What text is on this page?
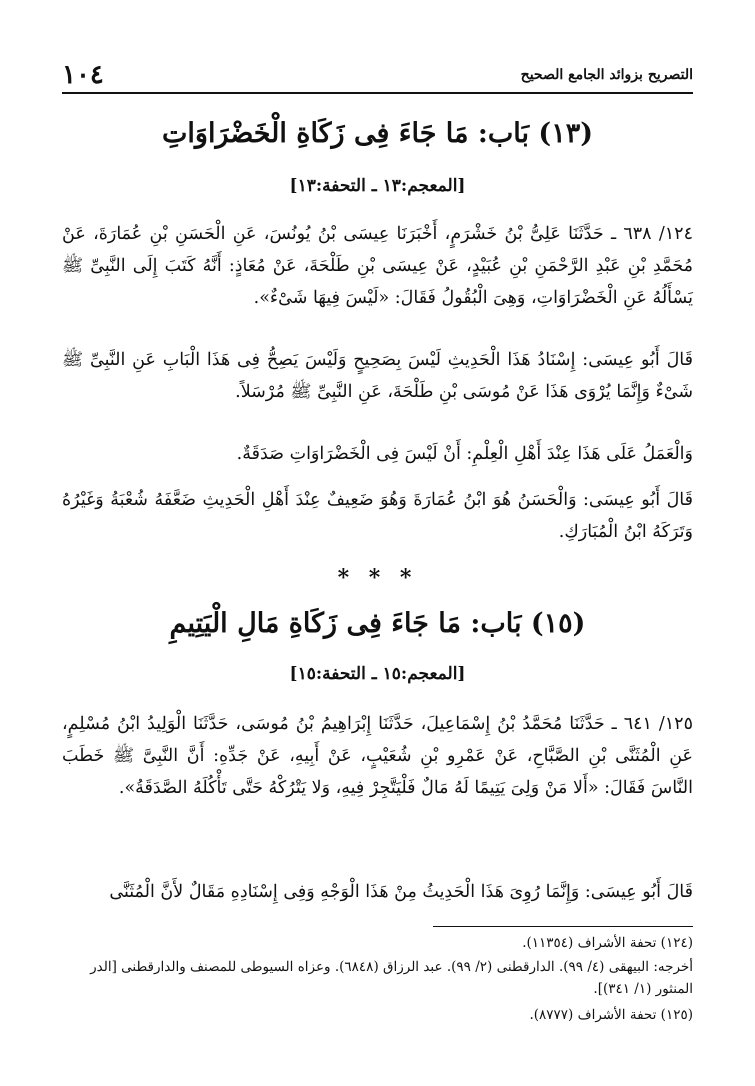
١٠٤	التصريح بزوائد الجامع الصحيح
(١٣) بَاب: مَا جَاءَ فِى زَكَاةِ الْخَضْرَاوَاتِ
[المعجم:١٣ ـ التحفة:١٣]
١٢٤/ ٦٣٨ ـ حَدَّثَنَا عَلِىُّ بْنُ خَشْرَمٍ، أَخْبَرَنَا عِيسَى بْنُ يُونُسَ، عَنِ الْحَسَنِ بْنِ عُمَارَةَ، عَنْ مُحَمَّدِ بْنِ عَبْدِ الرَّحْمَنِ بْنِ عُبَيْدٍ، عَنْ عِيسَى بْنِ طَلْحَةَ، عَنْ مُعَاذٍ: أَنَّهُ كَتَبَ إِلَى النَّبِىِّ ﷺ يَسْأَلُهُ عَنِ الْخَضْرَاوَاتِ، وَهِىَ الْبُقُولُ فَقَالَ: «لَيْسَ فِيهَا شَىْءٌ».
قَالَ أَبُو عِيسَى: إِسْنَادُ هَذَا الْحَدِيثِ لَيْسَ بِصَحِيحٍ وَلَيْسَ يَصِحُّ فِى هَذَا الْبَابِ عَنِ النَّبِىِّ ﷺ شَىْءٌ وَإِنَّمَا يُرْوَى هَذَا عَنْ مُوسَى بْنِ طَلْحَةَ، عَنِ النَّبِىِّ ﷺ مُرْسَلاً.
وَالْعَمَلُ عَلَى هَذَا عِنْدَ أَهْلِ الْعِلْمِ: أَنْ لَيْسَ فِى الْخَضْرَاوَاتِ صَدَقَةٌ.
قَالَ أَبُو عِيسَى: وَالْحَسَنُ هُوَ ابْنُ عُمَارَةَ وَهُوَ ضَعِيفٌ عِنْدَ أَهْلِ الْحَدِيثِ ضَعَّفَهُ شُعْبَةُ وَغَيْرُهُ وَتَرَكَهُ ابْنُ الْمُبَارَكِ.
* * *
(١٥) بَاب: مَا جَاءَ فِى زَكَاةِ مَالِ الْيَتِيمِ
[المعجم:١٥ ـ التحفة:١٥]
١٢٥/ ٦٤١ ـ حَدَّثَنَا مُحَمَّدُ بْنُ إِسْمَاعِيلَ، حَدَّثَنَا إِبْرَاهِيمُ بْنُ مُوسَى، حَدَّثَنَا الْوَلِيدُ ابْنُ مُسْلِمٍ، عَنِ الْمُثَنَّى بْنِ الصَّبَّاحِ، عَنْ عَمْرِو بْنِ شُعَيْبٍ، عَنْ أَبِيهِ، عَنْ جَدِّهِ: أَنَّ النَّبِىَّ ﷺ خَطَبَ النَّاسَ فَقَالَ: «أَلا مَنْ وَلِىَ يَتِيمًا لَهُ مَالٌ فَلْيَتَّجِرْ فِيهِ، وَلا يَتْرُكْهُ حَتَّى تَأْكُلَهُ الصَّدَقَةُ».
قَالَ أَبُو عِيسَى: وَإِنَّمَا رُوِىَ هَذَا الْحَدِيثُ مِنْ هَذَا الْوَجْهِ وَفِى إِسْنَادِهِ مَقَالٌ لأَنَّ الْمُثَنَّى
(١٢٤) تحفة الأشراف (١١٣٥٤).
أخرجه: البيهقى (٤/ ٩٩). الدارقطنى (٢/ ٩٩). عبد الرزاق (٦٨٤٨). وعزاه السيوطى للمصنف والدارقطنى [الدر المنثور (١/ ٣٤١)].
(١٢٥) تحفة الأشراف (٨٧٧٧).
